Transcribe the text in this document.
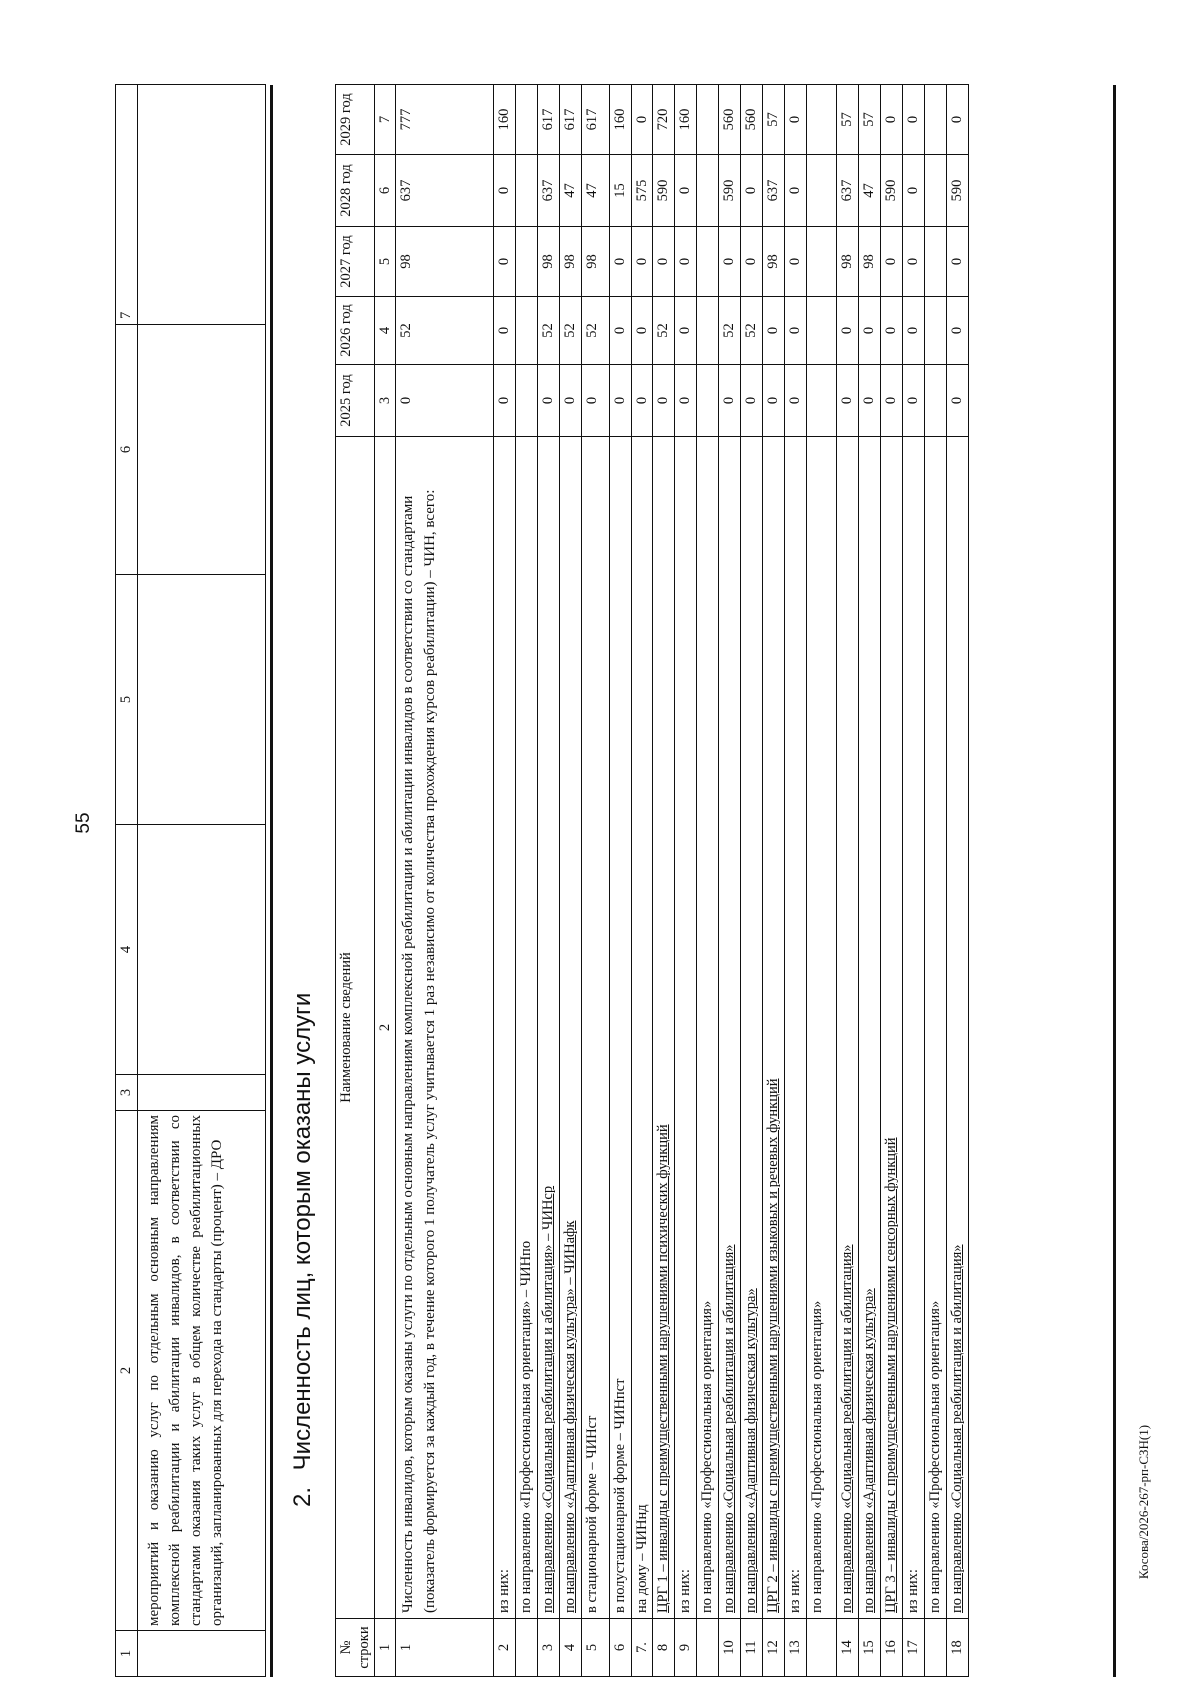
55
Косова/2026-267-рп-СЗН(1)
1	2	3	4	5	6	7
	мероприятий и оказанию услуг по отдельным основным направлениям комплексной реабилитации и абилитации инвалидов, в соответствии со стандартами оказания таких услуг в общем количестве реабилитационных организаций, запланированных для перехода на стандарты (процент) – ДРО						2. Численность лиц, которым оказаны услуги
№ строки	Наименование сведений	2025 год	2026 год	2027 год	2028 год	2029 год
1	2	3	4	5	6	7
1	Численность инвалидов, которым оказаны услуги по отдельным основным направлениям комплексной реабилитации и абилитации инвалидов в соответствии со стандартами (показатель формируется за каждый год, в течение которого 1 получатель услуг учитывается 1 раз независимо от количества прохождения курсов реабилитации) – ЧИН, всего:	0	52	98	637	777
2	из них:	0	0	0	0	160
	по направлению «Профессиональная ориентация» – ЧИНпо					
3	по направлению «Социальная реабилитация и абилитация» – ЧИНср	0	52	98	637	617
4	по направлению «Адаптивная физическая культура» – ЧИНафк	0	52	98	47	617
5	в стационарной форме – ЧИНст	0	52	98	47	617
6	в полустационарной форме – ЧИНпст	0	0	0	15	160
7.	на дому – ЧИНнд	0	0	0	575	0
8	ЦРГ 1 – инвалиды с преимущественными нарушениями психических функций	0	52	0	590	720
9	из них:	0	0	0	0	160
	по направлению «Профессиональная ориентация»					
10	по направлению «Социальная реабилитация и абилитация»	0	52	0	590	560
11	по направлению «Адаптивная физическая культура»	0	52	0	0	560
12	ЦРГ 2 – инвалиды с преимущественными нарушениями языковых и речевых функций	0	0	98	637	57
13	из них:	0	0	0	0	0
	по направлению «Профессиональная ориентация»					
14	по направлению «Социальная реабилитация и абилитация»	0	0	98	637	57
15	по направлению «Адаптивная физическая культура»	0	0	98	47	57
16	ЦРГ 3 – инвалиды с преимущественными нарушениями сенсорных функций	0	0	0	590	0
17	из них:	0	0	0	0	0
	по направлению «Профессиональная ориентация»					
18	по направлению «Социальная реабилитация и абилитация»	0	0	0	590	0
